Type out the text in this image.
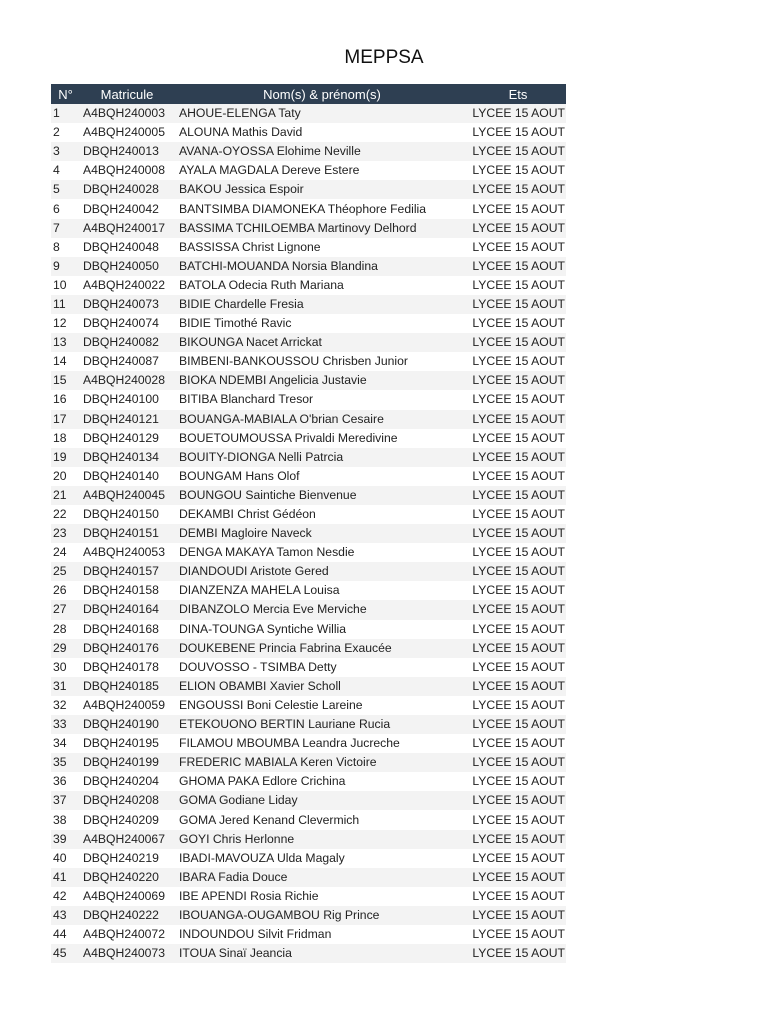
MEPPSA
N°	Matricule	Nom(s) & prénom(s)	Ets
1	A4BQH240003	AHOUE-ELENGA Taty	LYCEE 15 AOUT
2	A4BQH240005	ALOUNA Mathis David	LYCEE 15 AOUT
3	DBQH240013	AVANA-OYOSSA Elohime Neville	LYCEE 15 AOUT
4	A4BQH240008	AYALA MAGDALA Dereve Estere	LYCEE 15 AOUT
5	DBQH240028	BAKOU Jessica Espoir	LYCEE 15 AOUT
6	DBQH240042	BANTSIMBA DIAMONEKA Théophore Fedilia	LYCEE 15 AOUT
7	A4BQH240017	BASSIMA TCHILOEMBA Martinovy Delhord	LYCEE 15 AOUT
8	DBQH240048	BASSISSA Christ Lignone	LYCEE 15 AOUT
9	DBQH240050	BATCHI-MOUANDA Norsia Blandina	LYCEE 15 AOUT
10	A4BQH240022	BATOLA Odecia Ruth Mariana	LYCEE 15 AOUT
11	DBQH240073	BIDIE Chardelle Fresia	LYCEE 15 AOUT
12	DBQH240074	BIDIE Timothé Ravic	LYCEE 15 AOUT
13	DBQH240082	BIKOUNGA Nacet Arrickat	LYCEE 15 AOUT
14	DBQH240087	BIMBENI-BANKOUSSOU Chrisben Junior	LYCEE 15 AOUT
15	A4BQH240028	BIOKA NDEMBI Angelicia Justavie	LYCEE 15 AOUT
16	DBQH240100	BITIBA Blanchard Tresor	LYCEE 15 AOUT
17	DBQH240121	BOUANGA-MABIALA O'brian Cesaire	LYCEE 15 AOUT
18	DBQH240129	BOUETOUMOUSSA Privaldi Meredivine	LYCEE 15 AOUT
19	DBQH240134	BOUITY-DIONGA Nelli Patrcia	LYCEE 15 AOUT
20	DBQH240140	BOUNGAM Hans Olof	LYCEE 15 AOUT
21	A4BQH240045	BOUNGOU Saintiche Bienvenue	LYCEE 15 AOUT
22	DBQH240150	DEKAMBI Christ Gédéon	LYCEE 15 AOUT
23	DBQH240151	DEMBI Magloire Naveck	LYCEE 15 AOUT
24	A4BQH240053	DENGA MAKAYA Tamon Nesdie	LYCEE 15 AOUT
25	DBQH240157	DIANDOUDI Aristote Gered	LYCEE 15 AOUT
26	DBQH240158	DIANZENZA MAHELA Louisa	LYCEE 15 AOUT
27	DBQH240164	DIBANZOLO Mercia Eve Merviche	LYCEE 15 AOUT
28	DBQH240168	DINA-TOUNGA Syntiche Willia	LYCEE 15 AOUT
29	DBQH240176	DOUKEBENE Princia Fabrina Exaucée	LYCEE 15 AOUT
30	DBQH240178	DOUVOSSO - TSIMBA Detty	LYCEE 15 AOUT
31	DBQH240185	ELION OBAMBI Xavier Scholl	LYCEE 15 AOUT
32	A4BQH240059	ENGOUSSI Boni Celestie Lareine	LYCEE 15 AOUT
33	DBQH240190	ETEKOUONO BERTIN Lauriane Rucia	LYCEE 15 AOUT
34	DBQH240195	FILAMOU MBOUMBA Leandra Jucreche	LYCEE 15 AOUT
35	DBQH240199	FREDERIC MABIALA Keren Victoire	LYCEE 15 AOUT
36	DBQH240204	GHOMA PAKA Edlore Crichina	LYCEE 15 AOUT
37	DBQH240208	GOMA Godiane Liday	LYCEE 15 AOUT
38	DBQH240209	GOMA Jered Kenand Clevermich	LYCEE 15 AOUT
39	A4BQH240067	GOYI Chris Herlonne	LYCEE 15 AOUT
40	DBQH240219	IBADI-MAVOUZA Ulda Magaly	LYCEE 15 AOUT
41	DBQH240220	IBARA Fadia Douce	LYCEE 15 AOUT
42	A4BQH240069	IBE APENDI Rosia Richie	LYCEE 15 AOUT
43	DBQH240222	IBOUANGA-OUGAMBOU Rig Prince	LYCEE 15 AOUT
44	A4BQH240072	INDOUNDOU Silvit Fridman	LYCEE 15 AOUT
45	A4BQH240073	ITOUA Sinaï Jeancia	LYCEE 15 AOUT
